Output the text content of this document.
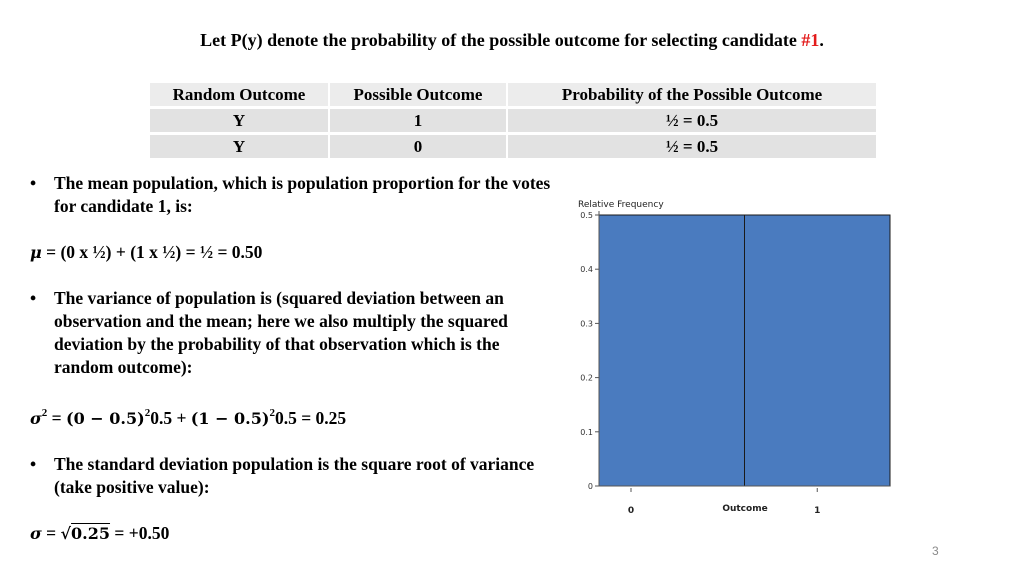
Let P(y) denote the probability of the possible outcome for selecting candidate #1.
Random Outcome	Possible Outcome	Probability of the Possible Outcome
Y	1	½ = 0.5
Y	0	½ = 0.5
• The mean population, which is population proportion for the votes for candidate 1, is:
μ = (0 x ½) + (1 x ½) = ½ = 0.50
• The variance of population is (squared deviation between an observation and the mean; here we also multiply the squared deviation by the probability of that observation which is the random outcome):
$\sigma^2 = (0 - 0.5)^20.5 + (1 - 0.5)^20.5 = 0.25$
• The standard deviation population is the square root of variance (take positive value):
σ = √0.25 = +0.50
Relative Frequency
0
0.1
0.2
0.3
0.4
0.5
0	1
Outcome
3
